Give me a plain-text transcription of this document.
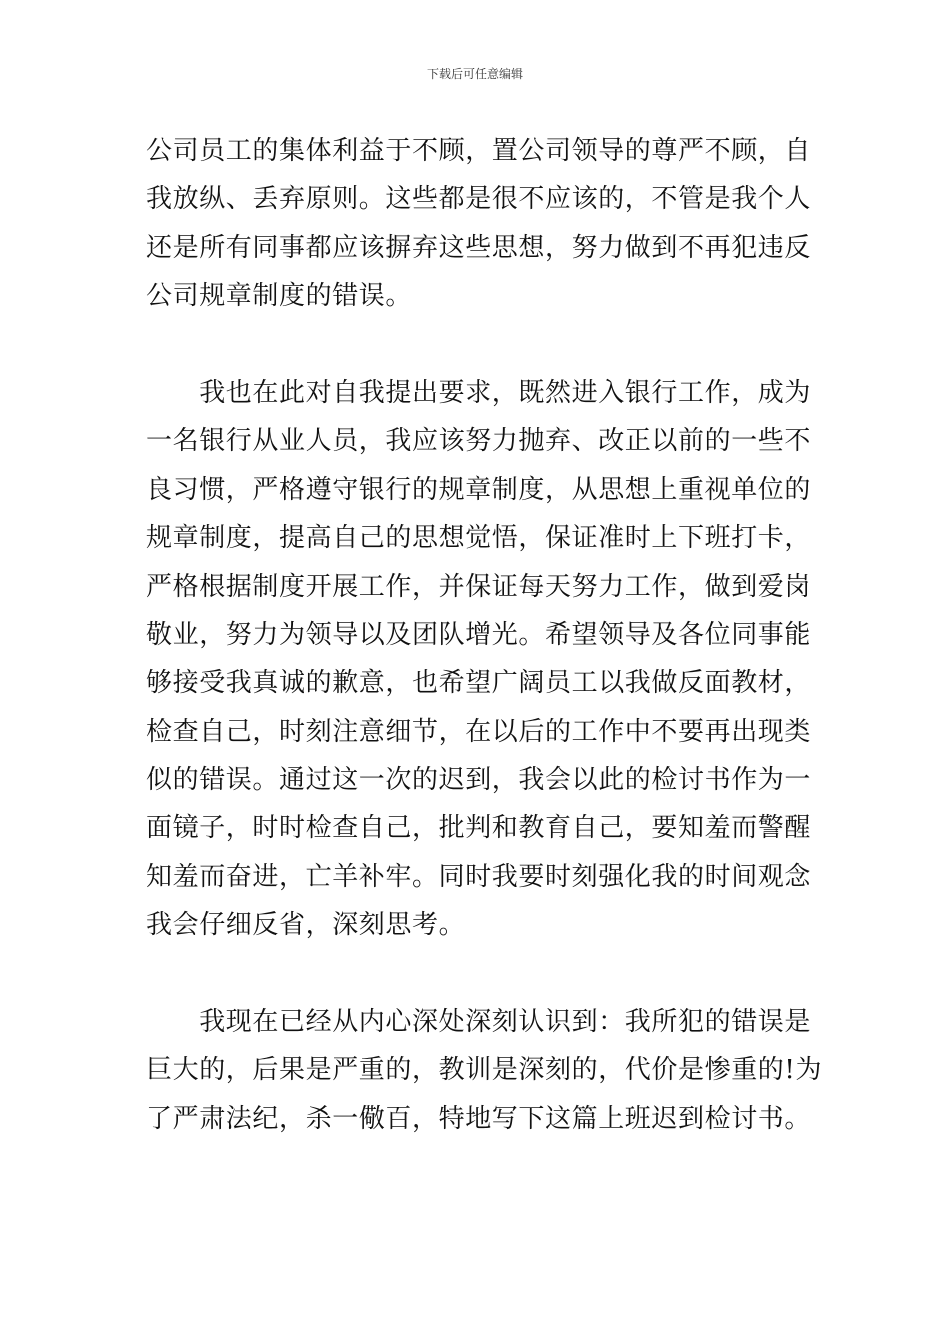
下载后可任意编辑
公司员工的集体利益于不顾，置公司领导的尊严不顾，自
我放纵、丢弃原则。这些都是很不应该的，不管是我个人
还是所有同事都应该摒弃这些思想，努力做到不再犯违反
公司规章制度的错误。
　　我也在此对自我提出要求，既然进入银行工作，成为
一名银行从业人员，我应该努力抛弃、改正以前的一些不
良习惯，严格遵守银行的规章制度，从思想上重视单位的
规章制度，提高自己的思想觉悟，保证准时上下班打卡，
严格根据制度开展工作，并保证每天努力工作，做到爱岗
敬业，努力为领导以及团队增光。希望领导及各位同事能
够接受我真诚的歉意，也希望广阔员工以我做反面教材，
检查自己，时刻注意细节，在以后的工作中不要再出现类
似的错误。通过这一次的迟到，我会以此的检讨书作为一
面镜子，时时检查自己，批判和教育自己，要知羞而警醒
知羞而奋进，亡羊补牢。同时我要时刻强化我的时间观念
我会仔细反省，深刻思考。
　　我现在已经从内心深处深刻认识到：我所犯的错误是
巨大的，后果是严重的，教训是深刻的，代价是惨重的!为
了严肃法纪，杀一儆百，特地写下这篇上班迟到检讨书。
